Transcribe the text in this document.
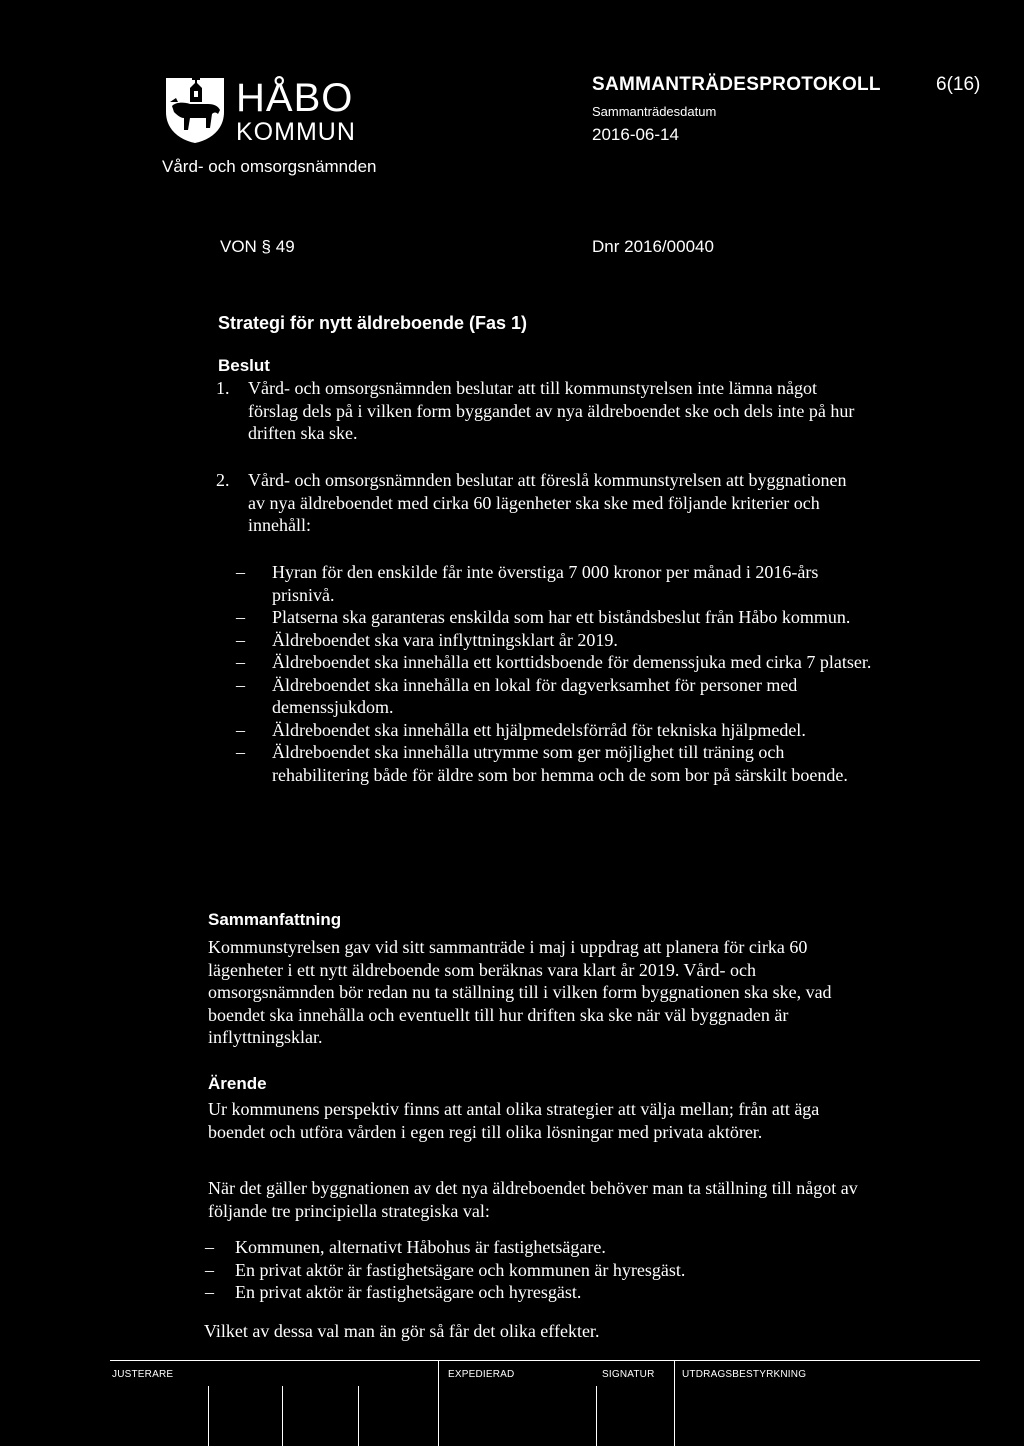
HÅBO
KOMMUN
Vård- och omsorgsnämnden
SAMMANTRÄDESPROTOKOLL	6(16)
Sammanträdesdatum
2016-06-14
VON § 49	Dnr 2016/00040
Strategi för nytt äldreboende (Fas 1)
Beslut
1. Vård- och omsorgsnämnden beslutar att till kommunstyrelsen inte lämna något förslag dels på i vilken form byggandet av nya äldreboendet ske och dels inte på hur driften ska ske.
2. Vård- och omsorgsnämnden beslutar att föreslå kommunstyrelsen att byggnationen av nya äldreboendet med cirka 60 lägenheter ska ske med följande kriterier och innehåll:
– Hyran för den enskilde får inte överstiga 7 000 kronor per månad i 2016-års prisnivå.
– Platserna ska garanteras enskilda som har ett biståndsbeslut från Håbo kommun.
– Äldreboendet ska vara inflyttningsklart år 2019.
– Äldreboendet ska innehålla ett korttidsboende för demenssjuka med cirka 7 platser.
– Äldreboendet ska innehålla en lokal för dagverksamhet för personer med demenssjukdom.
– Äldreboendet ska innehålla ett hjälpmedelsförråd för tekniska hjälpmedel.
– Äldreboendet ska innehålla utrymme som ger möjlighet till träning och rehabilitering både för äldre som bor hemma och de som bor på särskilt boende.
Sammanfattning
Kommunstyrelsen gav vid sitt sammanträde i maj i uppdrag att planera för cirka 60 lägenheter i ett nytt äldreboende som beräknas vara klart år 2019. Vård- och omsorgsnämnden bör redan nu ta ställning till i vilken form byggnationen ska ske, vad boendet ska innehålla och eventuellt till hur driften ska ske när väl byggnaden är inflyttningsklar.
Ärende
Ur kommunens perspektiv finns att antal olika strategier att välja mellan; från att äga boendet och utföra vården i egen regi till olika lösningar med privata aktörer.
När det gäller byggnationen av det nya äldreboendet behöver man ta ställning till något av följande tre principiella strategiska val:
– Kommunen, alternativt Håbohus är fastighetsägare.
– En privat aktör är fastighetsägare och kommunen är hyresgäst.
– En privat aktör är fastighetsägare och hyresgäst.
Vilket av dessa val man än gör så får det olika effekter.
JUSTERARE	EXPEDIERAD	SIGNATUR	UTDRAGSBESTYRKNING
